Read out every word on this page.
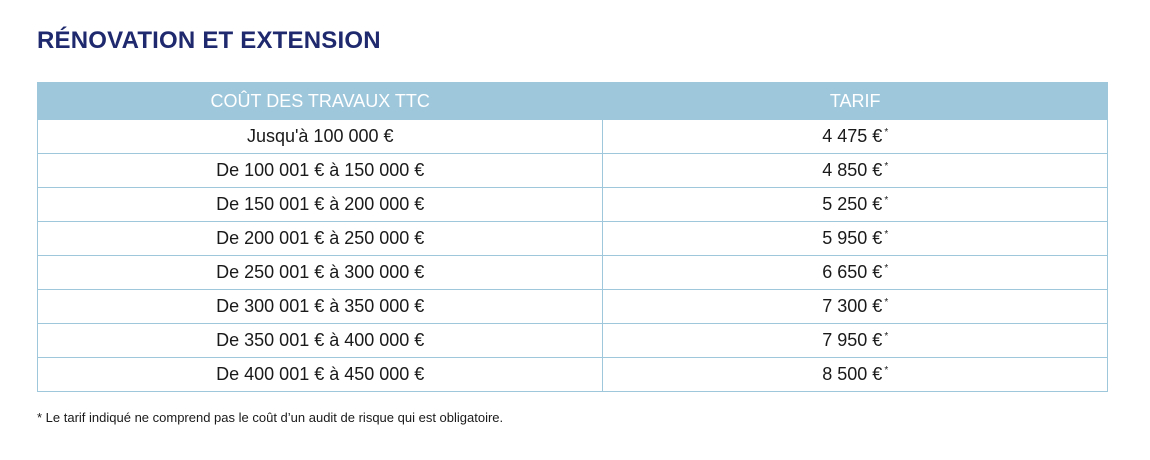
RÉNOVATION ET EXTENSION
COÛT DES TRAVAUX TTC	TARIF
Jusqu'à 100 000 €	4 475 € *
De 100 001 € à 150 000 €	4 850 € *
De 150 001 € à 200 000 €	5 250 € *
De 200 001 € à 250 000 €	5 950 € *
De 250 001 € à 300 000 €	6 650 € *
De 300 001 € à 350 000 €	7 300 € *
De 350 001 € à 400 000 €	7 950 € *
De 400 001 € à 450 000 €	8 500 € *
* Le tarif indiqué ne comprend pas le coût d’un audit de risque qui est obligatoire.
